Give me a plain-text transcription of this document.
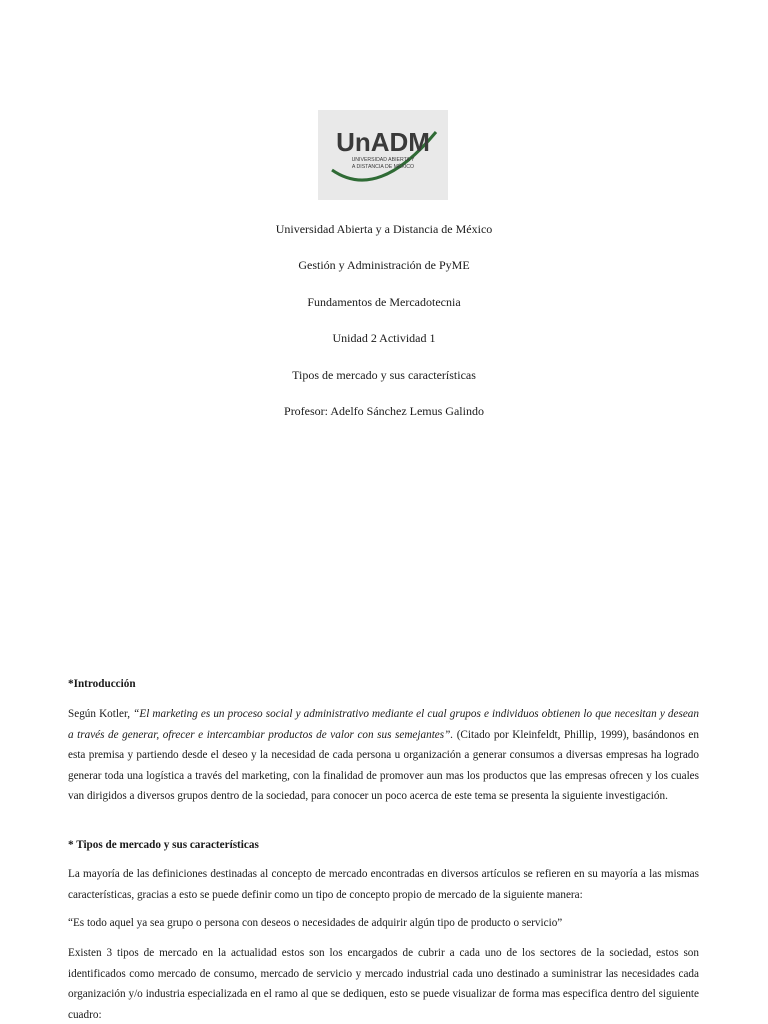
UnADM
UNIVERSIDAD ABIERTA Y
A DISTANCIA DE MÉXICO
Universidad Abierta y a Distancia de México
Gestión y Administración de PyME
Fundamentos de Mercadotecnia
Unidad 2 Actividad 1
Tipos de mercado y sus características
Profesor: Adelfo Sánchez Lemus Galindo
*Introducción
Según Kotler, “El marketing es un proceso social y administrativo mediante el cual grupos e individuos obtienen lo que necesitan y desean a través de generar, ofrecer e intercambiar productos de valor con sus semejantes”. (Citado por Kleinfeldt, Phillip, 1999), basándonos en esta premisa y partiendo desde el deseo y la necesidad de cada persona u organización a generar consumos a diversas empresas ha logrado generar toda una logística a través del marketing, con la finalidad de promover aun mas los productos que las empresas ofrecen y los cuales van dirigidos a diversos grupos dentro de la sociedad, para conocer un poco acerca de este tema se presenta la siguiente investigación.
* Tipos de mercado y sus características
La mayoría de las definiciones destinadas al concepto de mercado encontradas en diversos artículos se refieren en su mayoría a las mismas características, gracias a esto se puede definir como un tipo de concepto propio de mercado de la siguiente manera:
“Es todo aquel ya sea grupo o persona con deseos o necesidades de adquirir algún tipo de producto o servicio”
Existen 3 tipos de mercado en la actualidad estos son los encargados de cubrir a cada uno de los sectores de la sociedad, estos son identificados como mercado de consumo, mercado de servicio y mercado industrial cada uno destinado a suministrar las necesidades cada organización y/o industria especializada en el ramo al que se dediquen, esto se puede visualizar de forma mas especifica dentro del siguiente cuadro:
